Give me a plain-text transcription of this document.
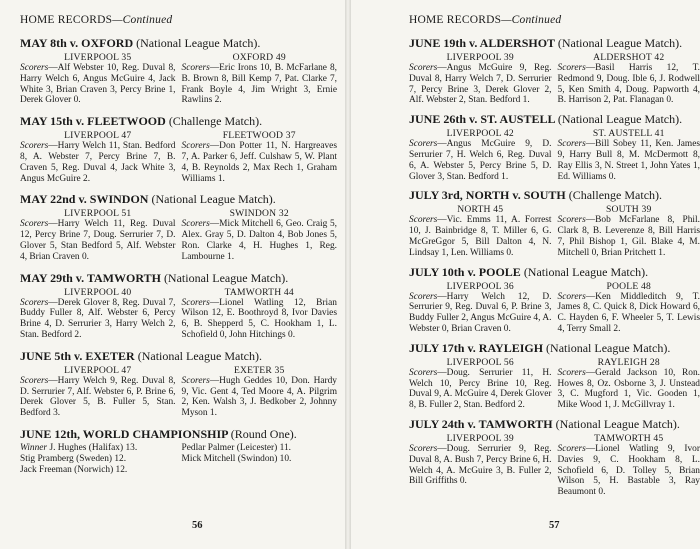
HOME RECORDS—Continued
MAY 8th v. OXFORD (National League Match).
LIVERPOOL 35
Scorers—Alf Webster 10, Reg. Duval 8, Harry Welch 6, Angus McGuire 4, Jack White 3, Brian Craven 3, Percy Brine 1, Derek Glover 0.
OXFORD 49
Scorers—Eric Irons 10, B. McFarlane 8, B. Brown 8, Bill Kemp 7, Pat. Clarke 7, Frank Boyle 4, Jim Wright 3, Ernie Rawlins 2.
MAY 15th v. FLEETWOOD (Challenge Match).
LIVERPOOL 47
Scorers—Harry Welch 11, Stan. Bedford 8, A. Webster 7, Percy Brine 7, B. Craven 5, Reg. Duval 4, Jack White 3, Angus McGuire 2.
FLEETWOOD 37
Scorers—Don Potter 11, N. Hargreaves 7, A. Parker 6, Jeff. Culshaw 5, W. Plant 4, B. Reynolds 2, Max Rech 1, Graham Williams 1.
MAY 22nd v. SWINDON (National League Match).
LIVERPOOL 51
Scorers—Harry Welch 11, Reg. Duval 12, Percy Brine 7, Doug. Serrurier 7, D. Glover 5, Stan Bedford 5, Alf. Webster 4, Brian Craven 0.
SWINDON 32
Scorers—Mick Mitchell 6, Geo. Craig 5, Alex. Gray 5, D. Dalton 4, Bob Jones 5, Ron. Clarke 4, H. Hughes 1, Reg. Lambourne 1.
MAY 29th v. TAMWORTH (National League Match).
LIVERPOOL 40
Scorers—Derek Glover 8, Reg. Duval 7, Buddy Fuller 8, Alf. Webster 6, Percy Brine 4, D. Serrurier 3, Harry Welch 2, Stan. Bedford 2.
TAMWORTH 44
Scorers—Lionel Watling 12, Brian Wilson 12, E. Boothroyd 8, Ivor Davies 6, B. Shepperd 5, C. Hookham 1, L. Schofield 0, John Hitchings 0.
JUNE 5th v. EXETER (National League Match).
LIVERPOOL 47
Scorers—Harry Welch 9, Reg. Duval 8, D. Serrurier 7, Alf. Webster 6, P. Brine 6, Derek Glover 5, B. Fuller 5, Stan. Bedford 3.
EXETER 35
Scorers—Hugh Geddes 10, Don. Hardy 9, Vic. Gent 4, Ted Moore 4, A. Pilgrim 2, Ken. Walsh 3, J. Bedkober 2, Johnny Myson 1.
JUNE 12th, WORLD CHAMPIONSHIP (Round One).
Winner J. Hughes (Halifax) 13.
Stig Pramberg (Sweden) 12.
Jack Freeman (Norwich) 12.
Pedlar Palmer (Leicester) 11.
Mick Mitchell (Swindon) 10.
56
HOME RECORDS—Continued
JUNE 19th v. ALDERSHOT (National League Match).
LIVERPOOL 39
Scorers—Angus McGuire 9, Reg. Duval 8, Harry Welch 7, D. Serrurier 7, Percy Brine 3, Derek Glover 2, Alf. Webster 2, Stan. Bedford 1.
ALDERSHOT 42
Scorers—Basil Harris 12, T. Redmond 9, Doug. Ible 6, J. Rodwell 5, Ken Smith 4, Doug. Papworth 4, B. Harrison 2, Pat. Flanagan 0.
JUNE 26th v. ST. AUSTELL (National League Match).
LIVERPOOL 42
Scorers—Angus McGuire 9, D. Serrurier 7, H. Welch 6, Reg. Duval 6, A. Webster 5, Percy Brine 5, D. Glover 3, Stan. Bedford 1.
ST. AUSTELL 41
Scorers—Bill Sobey 11, Ken. James 9, Harry Bull 8, M. McDermott 8, Ray Ellis 3, N. Street 1, John Yates 1, Ed. Williams 0.
JULY 3rd, NORTH v. SOUTH (Challenge Match).
NORTH 45
Scorers—Vic. Emms 11, A. Forrest 10, J. Bainbridge 8, T. Miller 6, G. McGreGgor 5, Bill Dalton 4, N. Lindsay 1, Len. Williams 0.
SOUTH 39
Scorers—Bob McFarlane 8, Phil. Clark 8, B. Leverenze 8, Bill Harris 7, Phil Bishop 1, Gil. Blake 4, M. Mitchell 0, Brian Pritchett 1.
JULY 10th v. POOLE (National League Match).
LIVERPOOL 36
Scorers—Harry Welch 12, D. Serrurier 9, Reg. Duval 6, P. Brine 3, Buddy Fuller 2, Angus McGuire 4, A. Webster 0, Brian Craven 0.
POOLE 48
Scorers—Ken Middleditch 9, T. James 8, C. Quick 8, Dick Howard 6, C. Hayden 6, F. Wheeler 5, T. Lewis 4, Terry Small 2.
JULY 17th v. RAYLEIGH (National League Match).
LIVERPOOL 56
Scorers—Doug. Serrurier 11, H. Welch 10, Percy Brine 10, Reg. Duval 9, A. McGuire 4, Derek Glover 8, B. Fuller 2, Stan. Bedford 2.
RAYLEIGH 28
Scorers—Gerald Jackson 10, Ron. Howes 8, Oz. Osborne 3, J. Unstead 3, C. Mugford 1, Vic. Gooden 1, Mike Wood 1, J. McGillvray 1.
JULY 24th v. TAMWORTH (National League Match).
LIVERPOOL 39
Scorers—Doug. Serrurier 9, Reg. Duval 8, A. Bush 7, Percy Brine 6, H. Welch 4, A. McGuire 3, B. Fuller 2, Bill Griffiths 0.
TAMWORTH 45
Scorers—Lionel Watling 9, Ivor Davies 9, C. Hookham 8, L. Schofield 6, D. Tolley 5, Brian Wilson 5, H. Bastable 3, Ray Beaumont 0.
57
